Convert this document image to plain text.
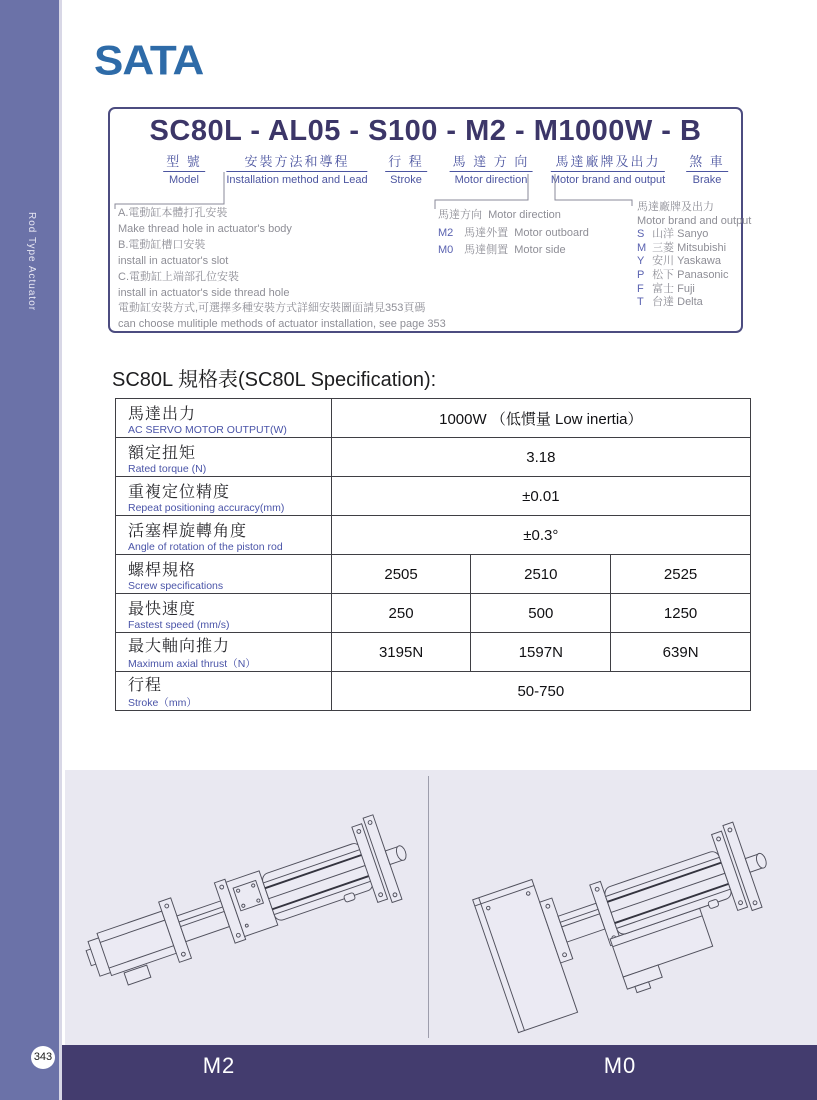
電動缸
Rod Type Actuator
SATA
SC80L - AL05 - S100 - M2 - M1000W - B
型 號
Model
安裝方法和導程
Installation method and Lead
行 程
Stroke
馬 達 方 向
Motor direction
馬達廠牌及出力
Motor brand and output
煞 車
Brake

A.電動缸本體打孔安裝

Make thread hole in actuator's body

B.電動缸槽口安裝

install in actuator's slot

C.電動缸上端部孔位安裝

install in actuator's side thread hole

電動缸安裝方式,可選擇多種安裝方式詳細安裝圖面請見353頁碼

can choose mulitiple methods of actuator installation, see page 353

馬達方向 Motor direction

M2 馬達外置 Motor outboard

M0 馬達側置 Motor side

馬達廠牌及出力

Motor brand and output

S 山洋 Sanyo

M 三菱 Mitsubishi

Y 安川 Yaskawa

P 松下 Panasonic

F 富士 Fuji

T 台達 Delta

SC80L 規格表(SC80L Specification):
馬達出力
AC SERVO MOTOR OUTPUT(W)	1000W （低慣量 Low inertia）		

額定扭矩
Rated torque (N)	3.18		

重複定位精度
Repeat positioning accuracy(mm)	±0.01		

活塞桿旋轉角度
Angle of rotation of the piston rod	±0.3°		

螺桿規格
Screw specifications	2505	2510	2525

最快速度
Fastest speed (mm/s)	250	500	1250

最大軸向推力
Maximum axial thrust（N）	3195N	1597N	639N

行程
Stroke（mm）	50-750		
M2	M0
343
